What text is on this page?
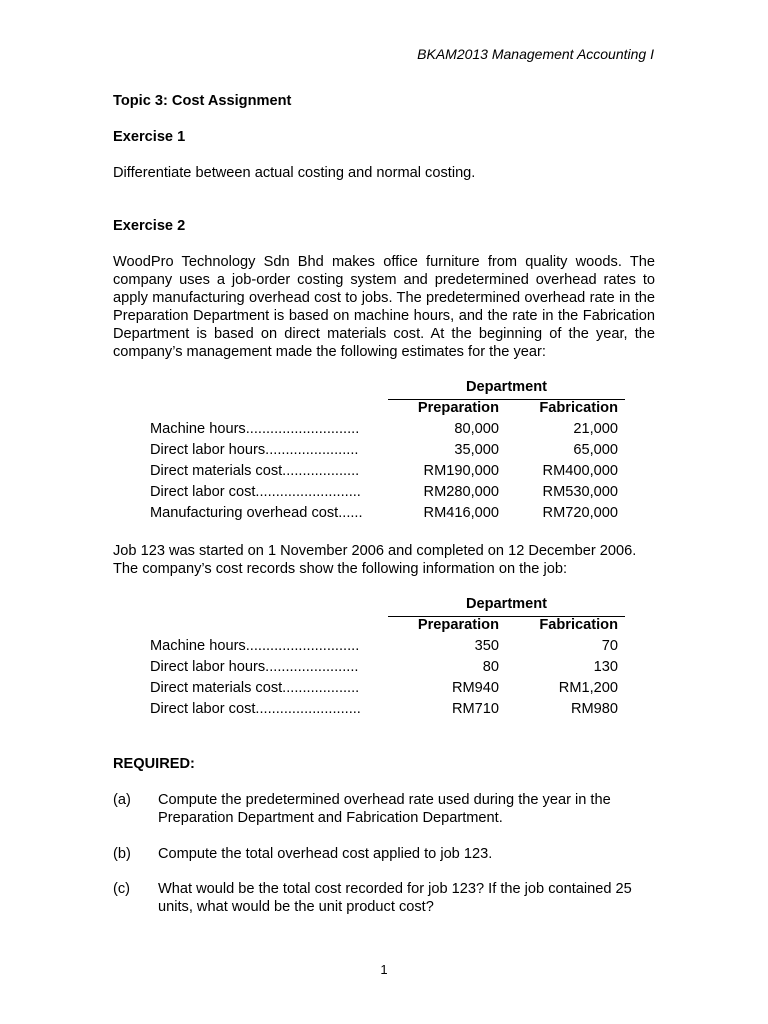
BKAM2013 Management Accounting I
Topic 3: Cost Assignment
Exercise 1
Differentiate between actual costing and normal costing.
Exercise 2
WoodPro Technology Sdn Bhd makes office furniture from quality woods. The company uses a job-order costing system and predetermined overhead rates to apply manufacturing overhead cost to jobs. The predetermined overhead rate in the Preparation Department is based on machine hours, and the rate in the Fabrication Department is based on direct materials cost. At the beginning of the year, the company’s management made the following estimates for the year:
Department
Preparation	Fabrication
Machine hours............................	80,000	21,000
Direct labor hours.......................	35,000	65,000
Direct materials cost...................	RM190,000	RM400,000
Direct labor cost..........................	RM280,000	RM530,000
Manufacturing overhead cost......	RM416,000	RM720,000
Job 123 was started on 1 November 2006 and completed on 12 December 2006. The company’s cost records show the following information on the job:
Department
Preparation	Fabrication
Machine hours............................	350	70
Direct labor hours.......................	80	130
Direct materials cost...................	RM940	RM1,200
Direct labor cost..........................	RM710	RM980
REQUIRED:
(a) Compute the predetermined overhead rate used during the year in the Preparation Department and Fabrication Department.
(b) Compute the total overhead cost applied to job 123.
(c) What would be the total cost recorded for job 123? If the job contained 25 units, what would be the unit product cost?
1
